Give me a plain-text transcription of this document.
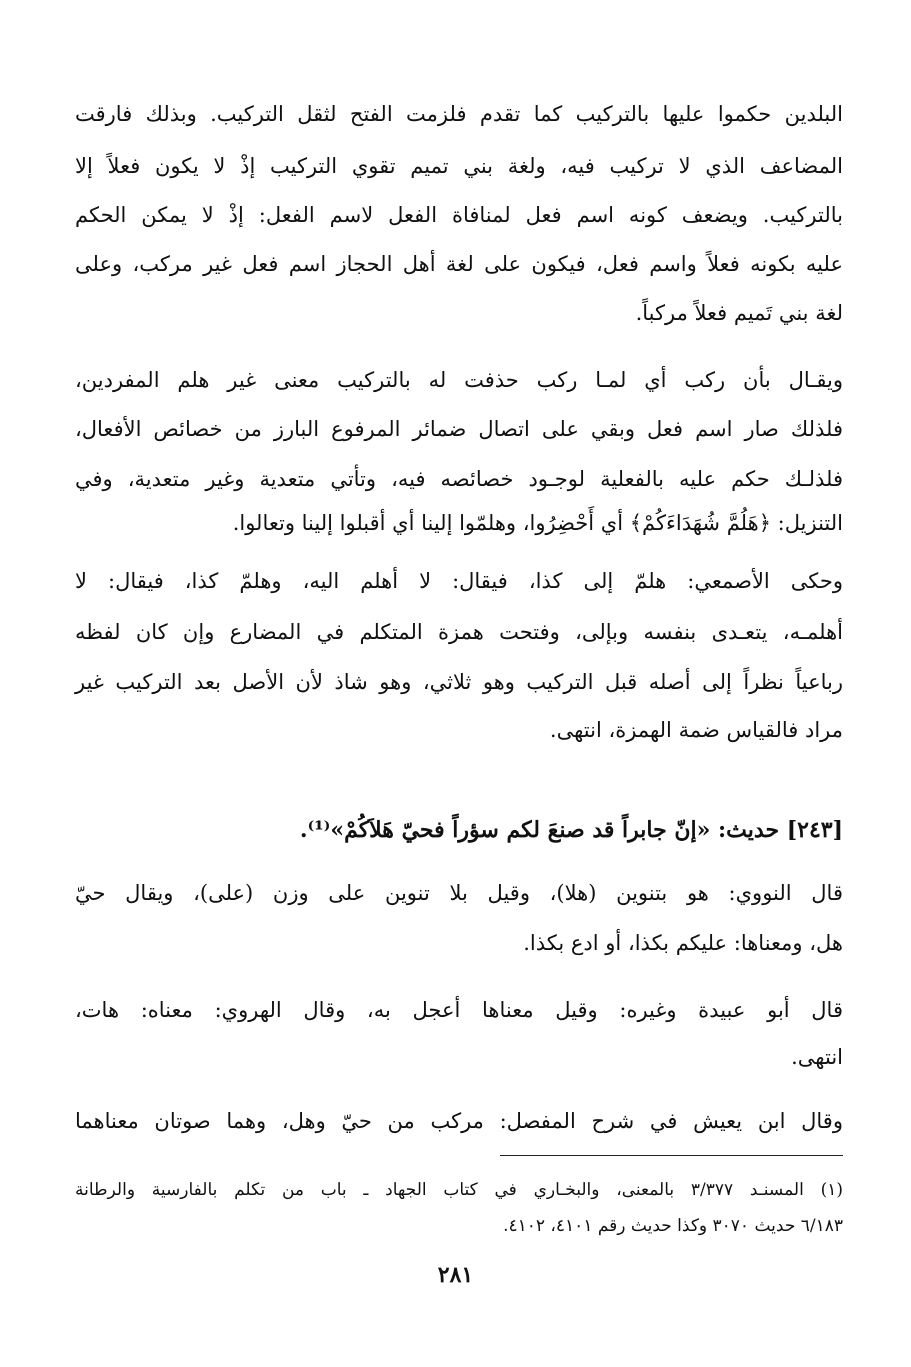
البلدين حكموا عليها بالتركيب كما تقدم فلزمت الفتح لثقل التركيب. وبذلك فارقت
المضاعف الذي لا تركيب فيه، ولغة بني تميم تقوي التركيب إذْ لا يكون فعلاً إلا
بالتركيب. ويضعف كونه اسم فعل لمنافاة الفعل لاسم الفعل: إذْ لا يمكن الحكم
عليه بكونه فعلاً واسم فعل، فيكون على لغة أهل الحجاز اسم فعل غير مركب، وعلى
لغة بني تَميم فعلاً مركباً.
ويقـال بأن ركب أي لمـا ركب حذفت له بالتركيب معنى غير هلم المفردين،
فلذلك صار اسم فعل وبقي على اتصال ضمائر المرفوع البارز من خصائص الأفعال،
فلذلـك حكم عليه بالفعلية لوجـود خصائصه فيه، وتأتي متعدية وغير متعدية، وفي
التنزيل: ﴿هَلُمَّ شُهَدَاءَكُمْ﴾ أي أَحْضِرُوا، وهلمّوا إلينا أي أقبلوا إلينا وتعالوا.
وحكى الأصمعي: هلمّ إلى كذا، فيقال: لا أهلم اليه، وهلمّ كذا، فيقال: لا
أهلمـه، يتعـدى بنفسه وبإلى، وفتحت همزة المتكلم في المضارع وإن كان لفظه
رباعياً نظراً إلى أصله قبل التركيب وهو ثلاثي، وهو شاذ لأن الأصل بعد التركيب غير
مراد فالقياس ضمة الهمزة، انتهى.
[٢٤٣] حديث: «إنّ جابراً قد صنعَ لكم سؤراً فحيّ هَلاَكُمْ»⁽¹⁾.
قال النووي: هو بتنوين (هلا)، وقيل بلا تنوين على وزن (على)، ويقال حيّ
هل، ومعناها: عليكم بكذا، أو ادع بكذا.
قال أبو عبيدة وغيره: وقيل معناها أعجل به، وقال الهروي: معناه: هات،
انتهى.
وقال ابن يعيش في شرح المفصل: مركب من حيّ وهل، وهما صوتان معناهما
(١) المسنـد ٣/٣٧٧ بالمعنى، والبخـاري في كتاب الجهاد ـ باب من تكلم بالفارسية والرطانة
٦/١٨٣ حديث ٣٠٧٠ وكذا حديث رقم ٤١٠١، ٤١٠٢.
٢٨١
